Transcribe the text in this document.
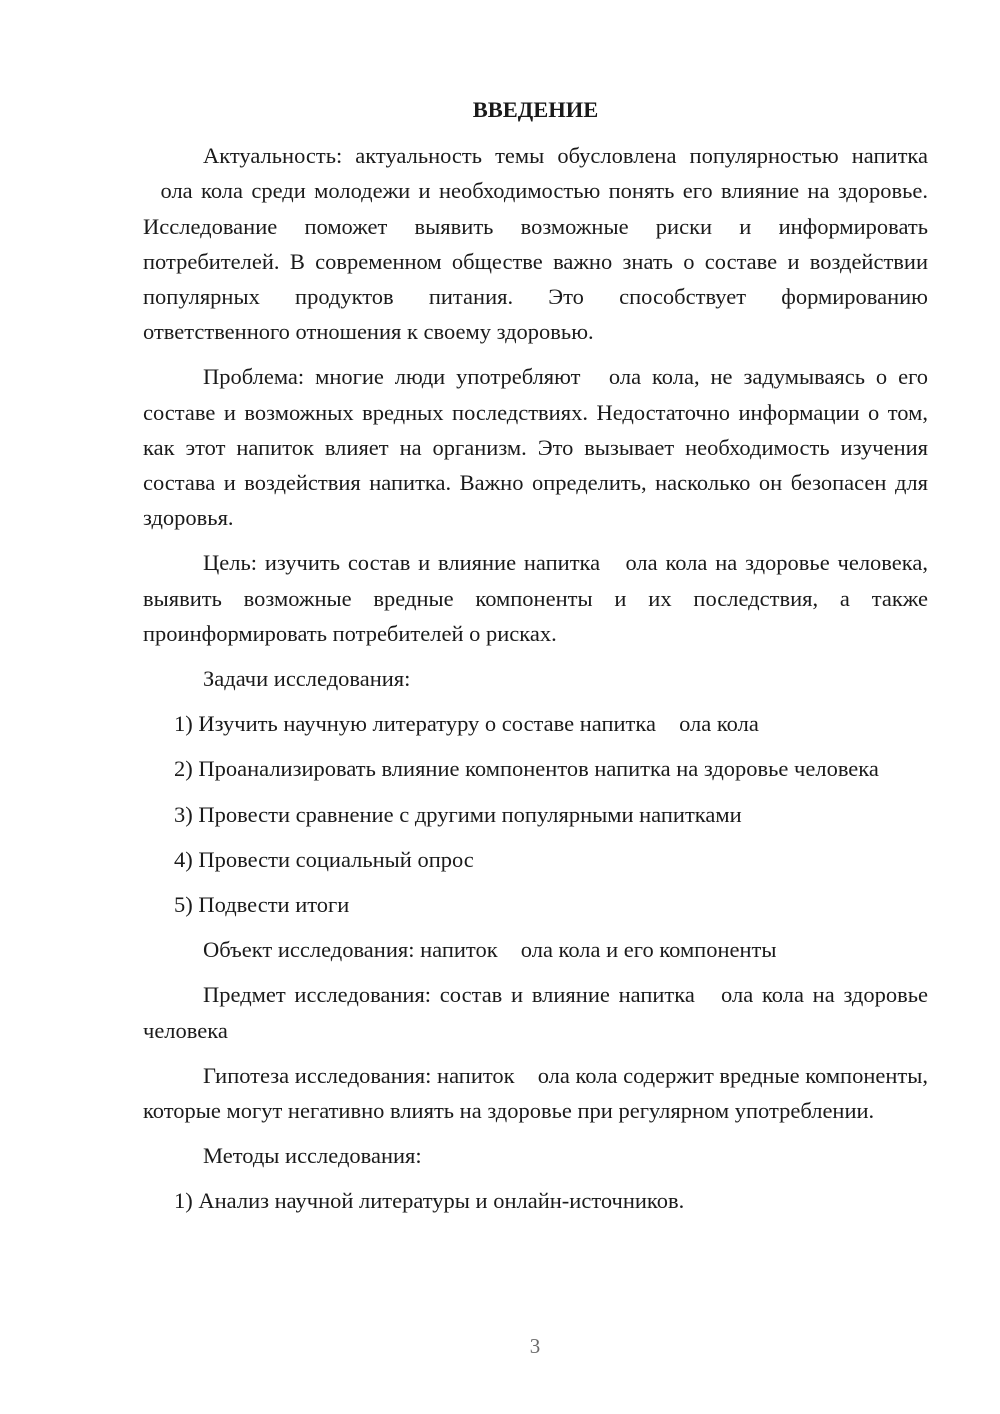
ВВЕДЕНИЕ

Актуальность: актуальность темы обусловлена популярностью напитка ола кола среди молодежи и необходимостью понять его влияние на здоровье. Исследование поможет выявить возможные риски и информировать потребителей. В современном обществе важно знать о составе и воздействии популярных продуктов питания. Это способствует формированию ответственного отношения к своему здоровью.

Проблема: многие люди употребляют ола кола, не задумываясь о его составе и возможных вредных последствиях. Недостаточно информации о том, как этот напиток влияет на организм. Это вызывает необходимость изучения состава и воздействия напитка. Важно определить, насколько он безопасен для здоровья.

Цель: изучить состав и влияние напитка ола кола на здоровье человека, выявить возможные вредные компоненты и их последствия, а также проинформировать потребителей о рисках.

Задачи исследования:

1) Изучить научную литературу о составе напитка ола кола

2) Проанализировать влияние компонентов напитка на здоровье человека

3) Провести сравнение с другими популярными напитками

4) Провести социальный опрос

5) Подвести итоги

Объект исследования: напиток ола кола и его компоненты

Предмет исследования: состав и влияние напитка ола кола на здоровье человека

Гипотеза исследования: напиток ола кола содержит вредные компоненты, которые могут негативно влиять на здоровье при регулярном употреблении.

Методы исследования:

1) Анализ научной литературы и онлайн-источников.

3
